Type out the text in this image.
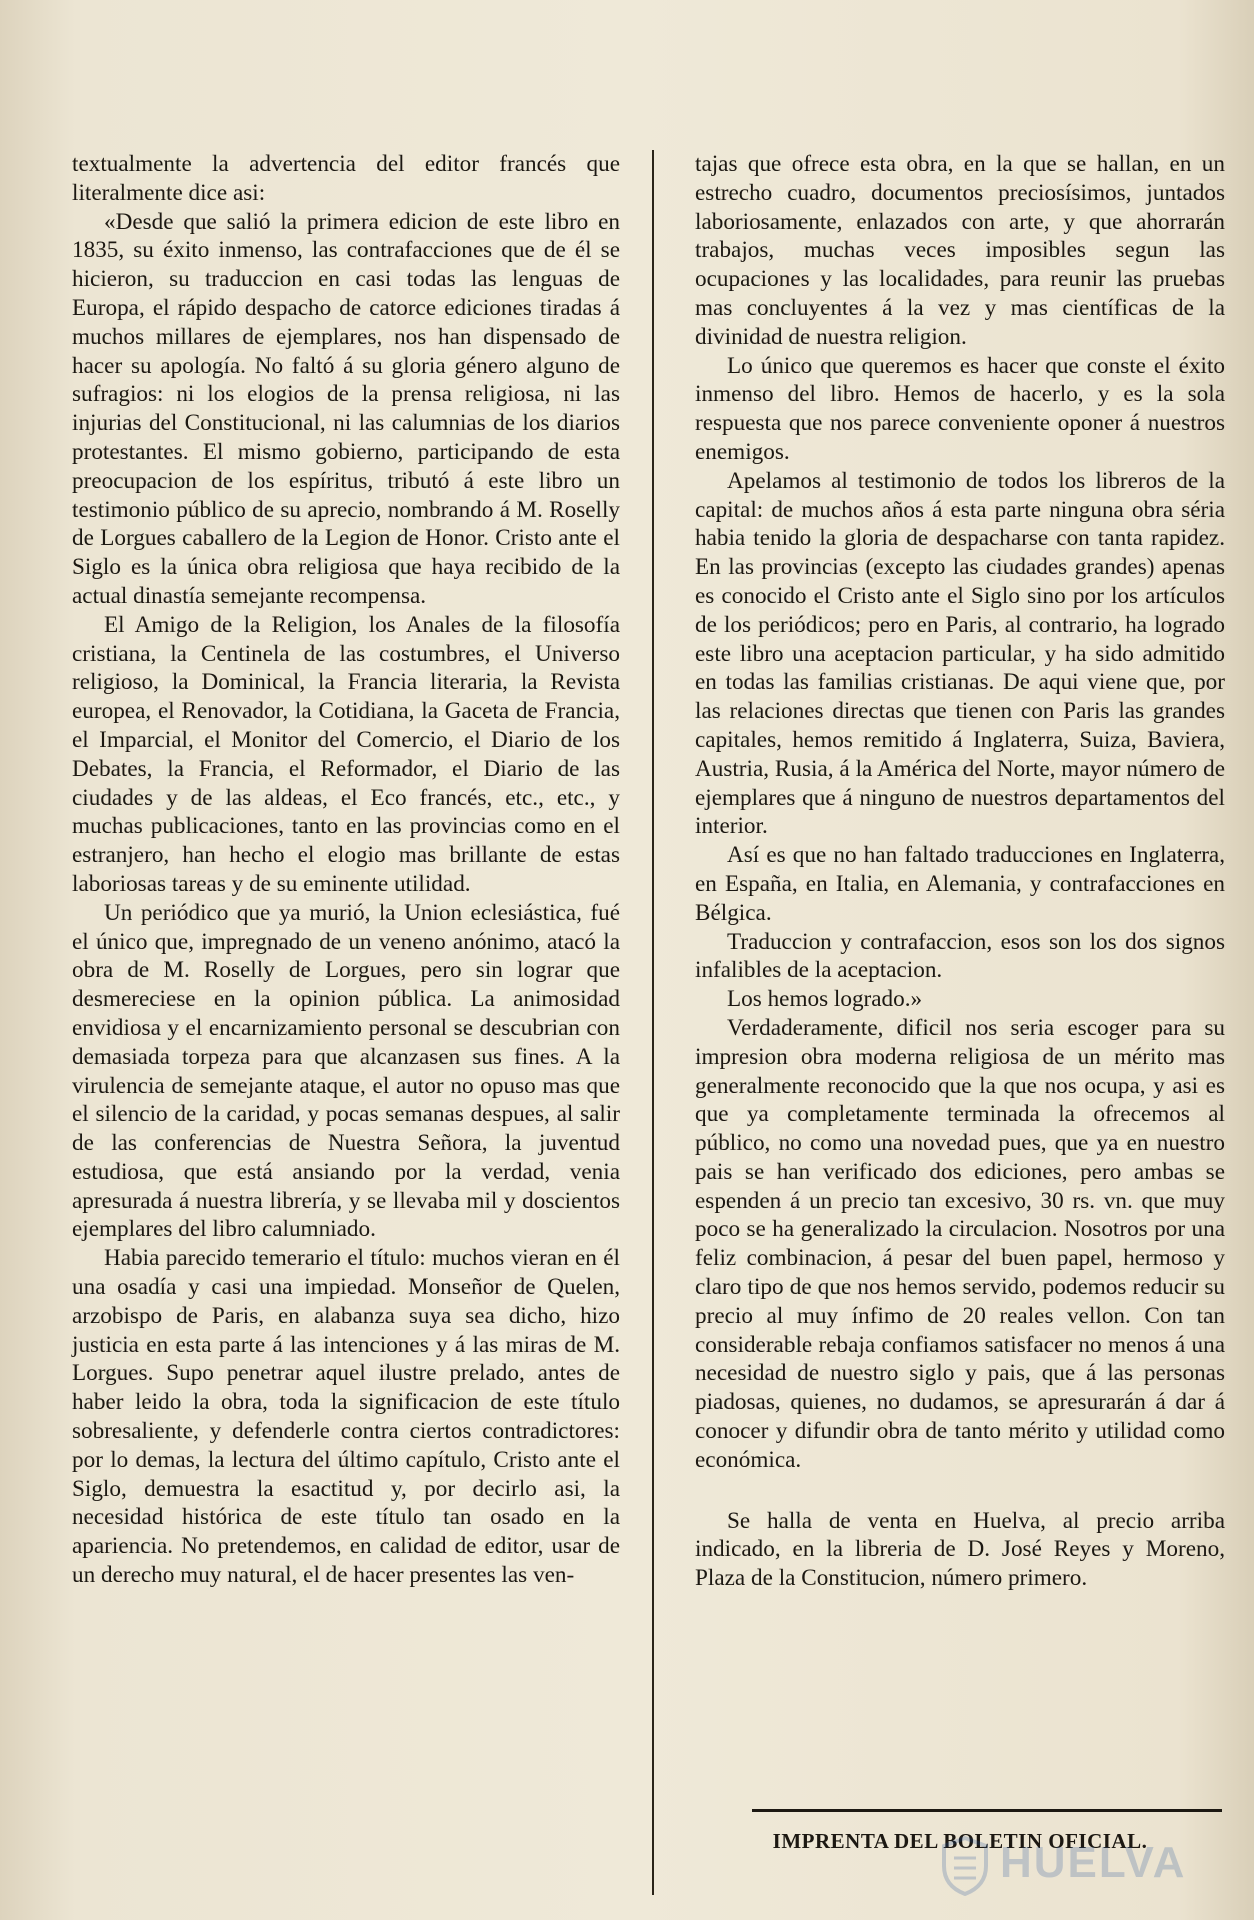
textualmente la advertencia del editor francés que literalmente dice asi:

«Desde que salió la primera edicion de este libro en 1835, su éxito inmenso, las contrafacciones que de él se hicieron, su traduccion en casi todas las lenguas de Europa, el rápido despacho de catorce ediciones tiradas á muchos millares de ejemplares, nos han dispensado de hacer su apología. No faltó á su gloria género alguno de sufragios: ni los elogios de la prensa religiosa, ni las injurias del Constitucional, ni las calumnias de los diarios protestantes. El mismo gobierno, participando de esta preocupacion de los espíritus, tributó á este libro un testimonio público de su aprecio, nombrando á M. Roselly de Lorgues caballero de la Legion de Honor. Cristo ante el Siglo es la única obra religiosa que haya recibido de la actual dinastía semejante recompensa.

El Amigo de la Religion, los Anales de la filosofía cristiana, la Centinela de las costumbres, el Universo religioso, la Dominical, la Francia literaria, la Revista europea, el Renovador, la Cotidiana, la Gaceta de Francia, el Imparcial, el Monitor del Comercio, el Diario de los Debates, la Francia, el Reformador, el Diario de las ciudades y de las aldeas, el Eco francés, etc., etc., y muchas publicaciones, tanto en las provincias como en el estranjero, han hecho el elogio mas brillante de estas laboriosas tareas y de su eminente utilidad.

Un periódico que ya murió, la Union eclesiástica, fué el único que, impregnado de un veneno anónimo, atacó la obra de M. Roselly de Lorgues, pero sin lograr que desmereciese en la opinion pública. La animosidad envidiosa y el encarnizamiento personal se descubrian con demasiada torpeza para que alcanzasen sus fines. A la virulencia de semejante ataque, el autor no opuso mas que el silencio de la caridad, y pocas semanas despues, al salir de las conferencias de Nuestra Señora, la juventud estudiosa, que está ansiando por la verdad, venia apresurada á nuestra librería, y se llevaba mil y doscientos ejemplares del libro calumniado.

Habia parecido temerario el título: muchos vieran en él una osadía y casi una impiedad. Monseñor de Quelen, arzobispo de Paris, en alabanza suya sea dicho, hizo justicia en esta parte á las intenciones y á las miras de M. Lorgues. Supo penetrar aquel ilustre prelado, antes de haber leido la obra, toda la significacion de este título sobresaliente, y defenderle contra ciertos contradictores: por lo demas, la lectura del último capítulo, Cristo ante el Siglo, demuestra la esactitud y, por decirlo asi, la necesidad histórica de este título tan osado en la apariencia. No pretendemos, en calidad de editor, usar de un derecho muy natural, el de hacer presentes las ven-

tajas que ofrece esta obra, en la que se hallan, en un estrecho cuadro, documentos preciosísimos, juntados laboriosamente, enlazados con arte, y que ahorrarán trabajos, muchas veces imposibles segun las ocupaciones y las localidades, para reunir las pruebas mas concluyentes á la vez y mas científicas de la divinidad de nuestra religion.

Lo único que queremos es hacer que conste el éxito inmenso del libro. Hemos de hacerlo, y es la sola respuesta que nos parece conveniente oponer á nuestros enemigos.

Apelamos al testimonio de todos los libreros de la capital: de muchos años á esta parte ninguna obra séria habia tenido la gloria de despacharse con tanta rapidez. En las provincias (excepto las ciudades grandes) apenas es conocido el Cristo ante el Siglo sino por los artículos de los periódicos; pero en Paris, al contrario, ha logrado este libro una aceptacion particular, y ha sido admitido en todas las familias cristianas. De aqui viene que, por las relaciones directas que tienen con Paris las grandes capitales, hemos remitido á Inglaterra, Suiza, Baviera, Austria, Rusia, á la América del Norte, mayor número de ejemplares que á ninguno de nuestros departamentos del interior.

Así es que no han faltado traducciones en Inglaterra, en España, en Italia, en Alemania, y contrafacciones en Bélgica.

Traduccion y contrafaccion, esos son los dos signos infalibles de la aceptacion.

Los hemos logrado.»

Verdaderamente, dificil nos seria escoger para su impresion obra moderna religiosa de un mérito mas generalmente reconocido que la que nos ocupa, y asi es que ya completamente terminada la ofrecemos al público, no como una novedad pues, que ya en nuestro pais se han verificado dos ediciones, pero ambas se espenden á un precio tan excesivo, 30 rs. vn. que muy poco se ha generalizado la circulacion. Nosotros por una feliz combinacion, á pesar del buen papel, hermoso y claro tipo de que nos hemos servido, podemos reducir su precio al muy ínfimo de 20 reales vellon. Con tan considerable rebaja confiamos satisfacer no menos á una necesidad de nuestro siglo y pais, que á las personas piadosas, quienes, no dudamos, se apresurarán á dar á conocer y difundir obra de tanto mérito y utilidad como económica.

Se halla de venta en Huelva, al precio arriba indicado, en la libreria de D. José Reyes y Moreno, Plaza de la Constitucion, número primero.

IMPRENTA DEL BOLETIN OFICIAL.
HUELVA
